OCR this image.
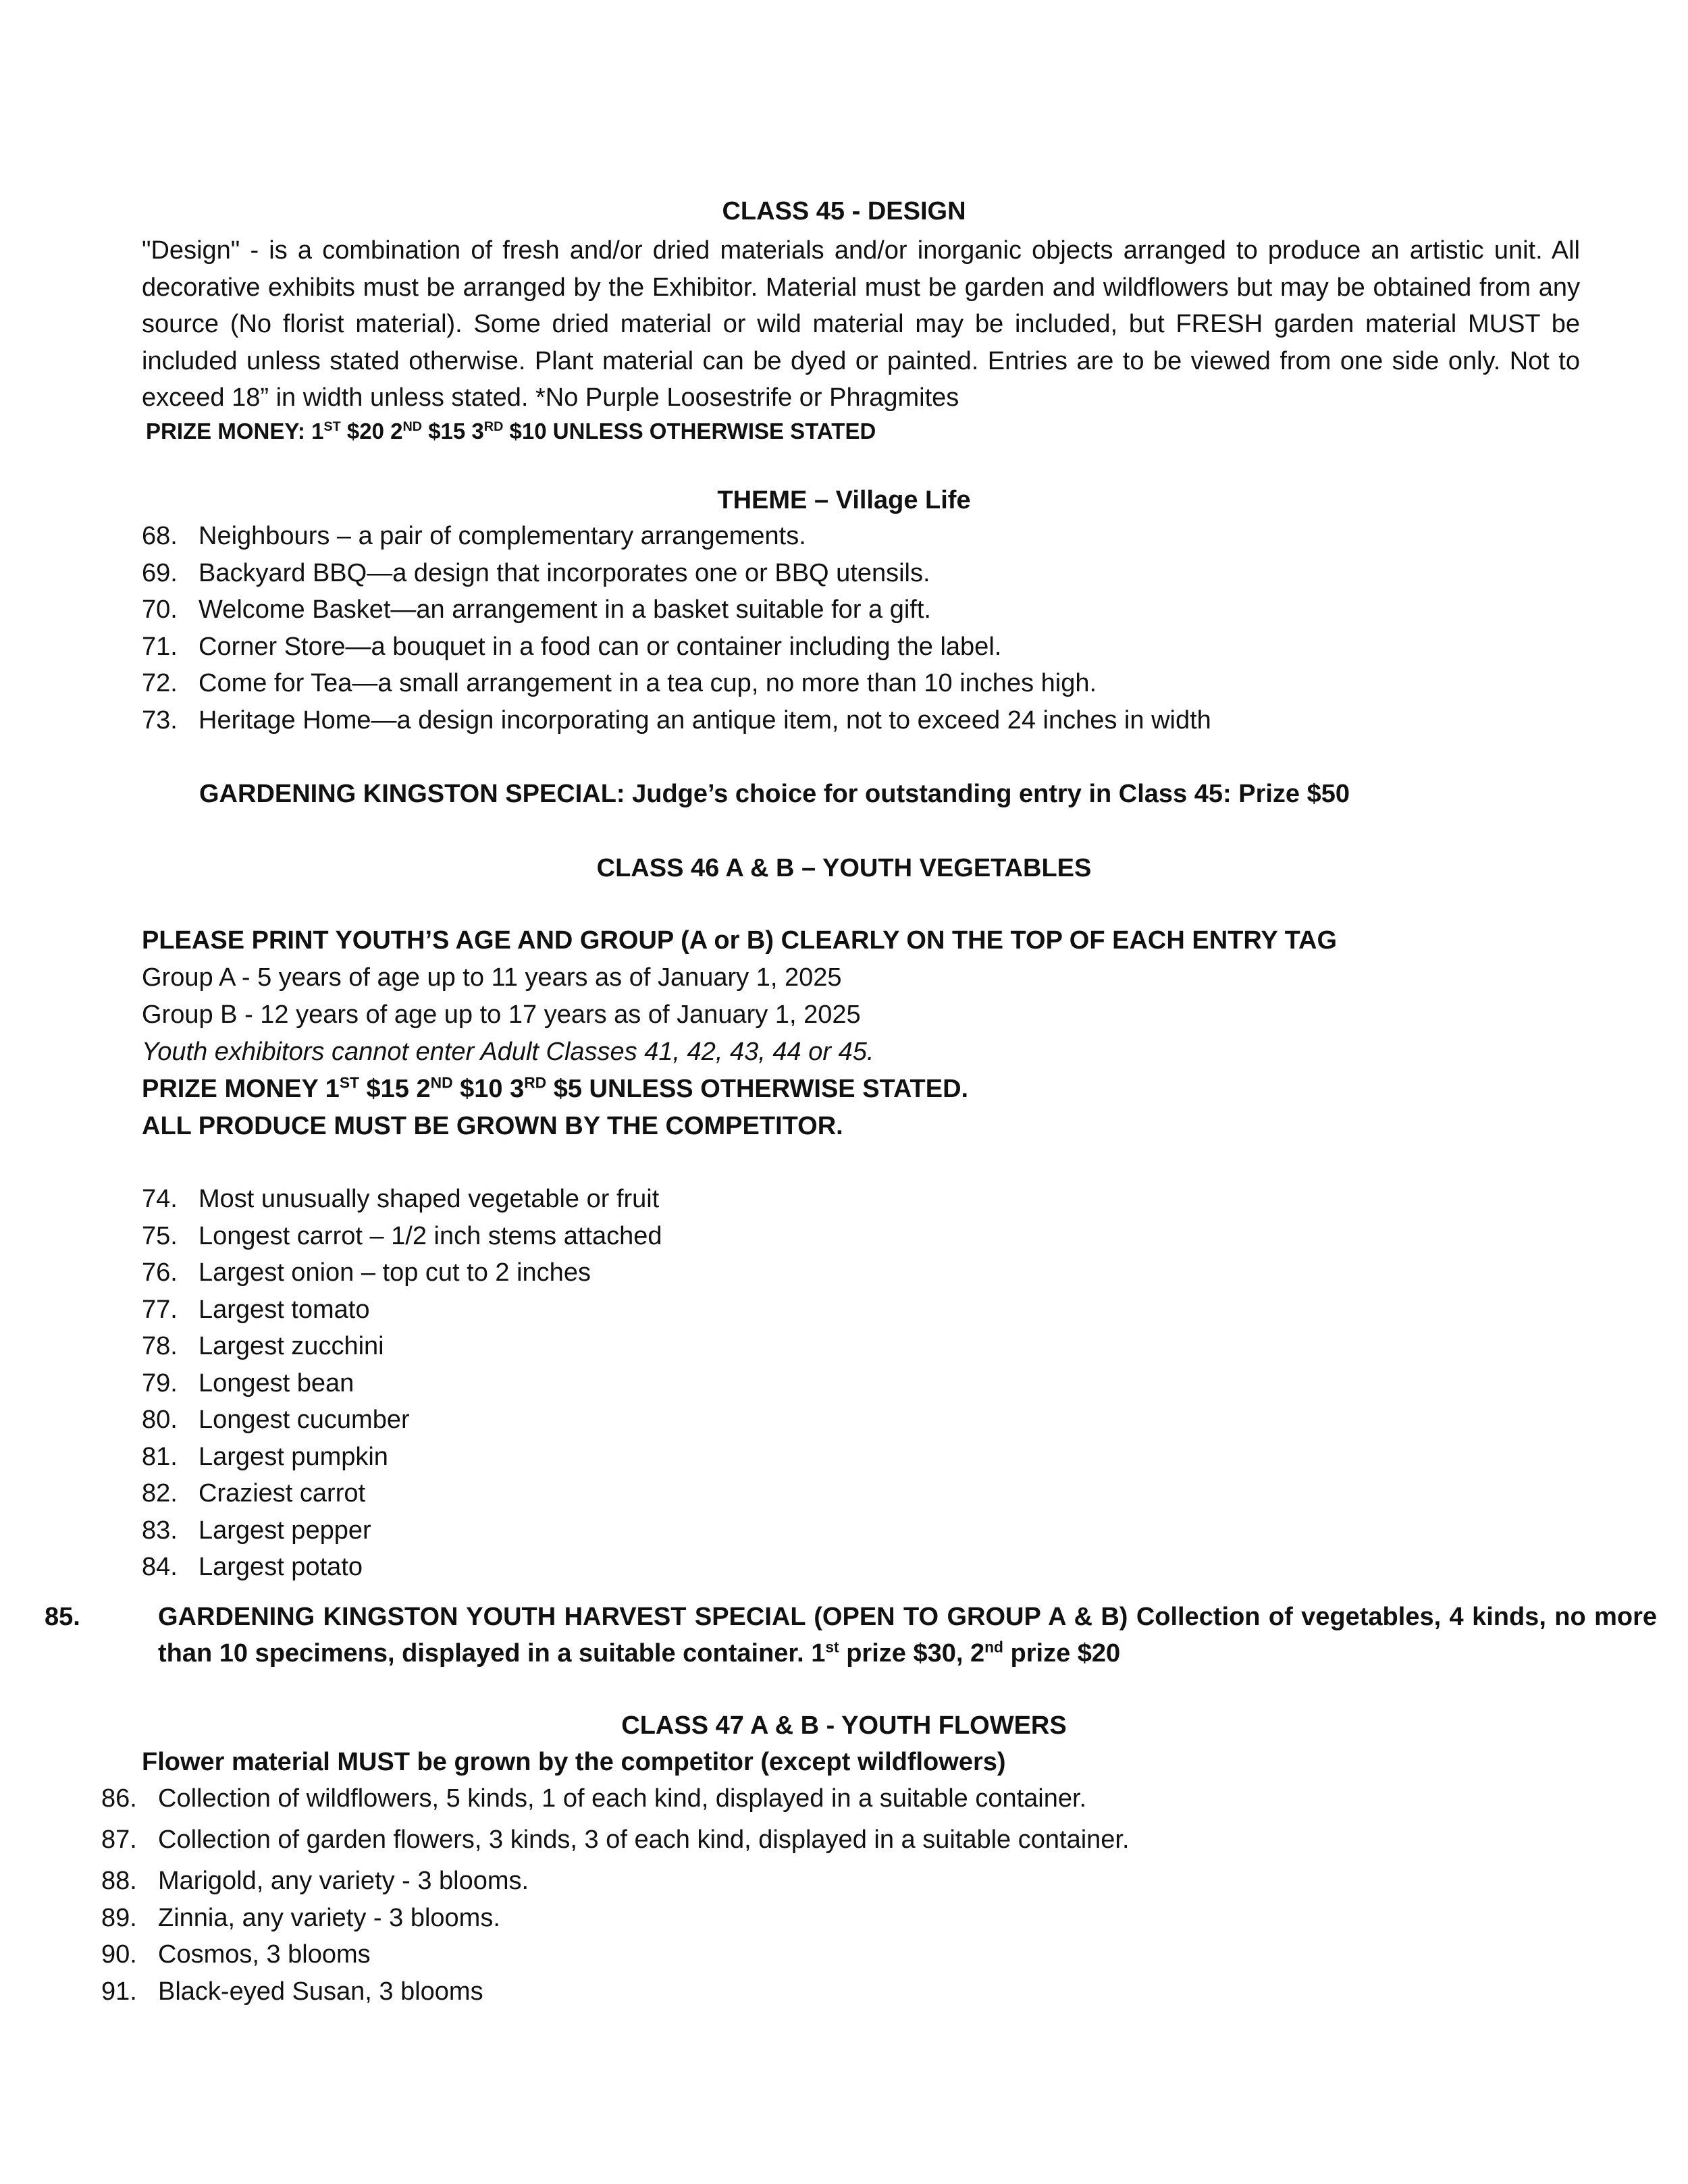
CLASS 45 - DESIGN

"Design" - is a combination of fresh and/or dried materials and/or inorganic objects arranged to produce an artistic unit. All decorative exhibits must be arranged by the Exhibitor. Material must be garden and wildflowers but may be obtained from any source (No florist material). Some dried material or wild material may be included, but FRESH garden material MUST be included unless stated otherwise. Plant material can be dyed or painted. Entries are to be viewed from one side only. Not to exceed 18” in width unless stated. *No Purple Loosestrife or Phragmites

PRIZE MONEY: 1ST $20 2ND $15 3RD $10 UNLESS OTHERWISE STATED
THEME – Village Life
68. Neighbours – a pair of complementary arrangements.
69. Backyard BBQ—a design that incorporates one or BBQ utensils.
70. Welcome Basket—an arrangement in a basket suitable for a gift.
71. Corner Store—a bouquet in a food can or container including the label.
72. Come for Tea—a small arrangement in a tea cup, no more than 10 inches high.
73. Heritage Home—a design incorporating an antique item, not to exceed 24 inches in width
GARDENING KINGSTON SPECIAL: Judge’s choice for outstanding entry in Class 45: Prize $50
CLASS 46 A & B – YOUTH VEGETABLES
PLEASE PRINT YOUTH’S AGE AND GROUP (A or B) CLEARLY ON THE TOP OF EACH ENTRY TAG
Group A - 5 years of age up to 11 years as of January 1, 2025
Group B - 12 years of age up to 17 years as of January 1, 2025
Youth exhibitors cannot enter Adult Classes 41, 42, 43, 44 or 45.
PRIZE MONEY 1ST $15 2ND $10 3RD $5 UNLESS OTHERWISE STATED.
ALL PRODUCE MUST BE GROWN BY THE COMPETITOR.
74. Most unusually shaped vegetable or fruit
75. Longest carrot – 1/2 inch stems attached
76. Largest onion – top cut to 2 inches
77. Largest tomato
78. Largest zucchini
79. Longest bean
80. Longest cucumber
81. Largest pumpkin
82. Craziest carrot
83. Largest pepper
84. Largest potato

85.	GARDENING KINGSTON YOUTH HARVEST SPECIAL (OPEN TO GROUP A & B) Collection of vegetables, 4 kinds, no more than 10 specimens, displayed in a suitable container. 1st prize $30, 2nd prize $20

CLASS 47 A & B - YOUTH FLOWERS
Flower material MUST be grown by the competitor (except wildflowers)
86. Collection of wildflowers, 5 kinds, 1 of each kind, displayed in a suitable container.
87. Collection of garden flowers, 3 kinds, 3 of each kind, displayed in a suitable container.
88. Marigold, any variety - 3 blooms.
89. Zinnia, any variety - 3 blooms.
90. Cosmos, 3 blooms
91. Black-eyed Susan, 3 blooms
